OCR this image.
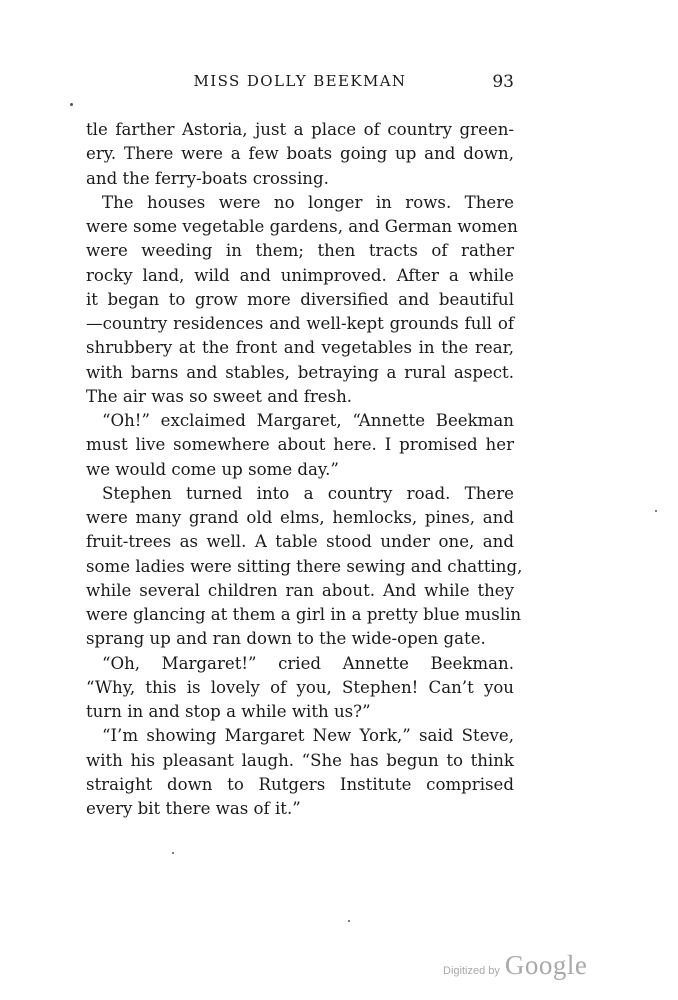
MISS DOLLY BEEKMAN	93
tle farther Astoria, just a place of country green-
ery. There were a few boats going up and down,
and the ferry-boats crossing.
The houses were no longer in rows. There
were some vegetable gardens, and German women
were weeding in them; then tracts of rather
rocky land, wild and unimproved. After a while
it began to grow more diversified and beautiful
—country residences and well-kept grounds full of
shrubbery at the front and vegetables in the rear,
with barns and stables, betraying a rural aspect.
The air was so sweet and fresh.
“Oh!” exclaimed Margaret, “Annette Beekman
must live somewhere about here. I promised her
we would come up some day.”
Stephen turned into a country road. There
were many grand old elms, hemlocks, pines, and
fruit-trees as well. A table stood under one, and
some ladies were sitting there sewing and chatting,
while several children ran about. And while they
were glancing at them a girl in a pretty blue muslin
sprang up and ran down to the wide-open gate.
“Oh, Margaret!” cried Annette Beekman.
“Why, this is lovely of you, Stephen! Can’t you
turn in and stop a while with us?”
“I’m showing Margaret New York,” said Steve,
with his pleasant laugh. “She has begun to think
straight down to Rutgers Institute comprised
every bit there was of it.”
Digitized by Google
